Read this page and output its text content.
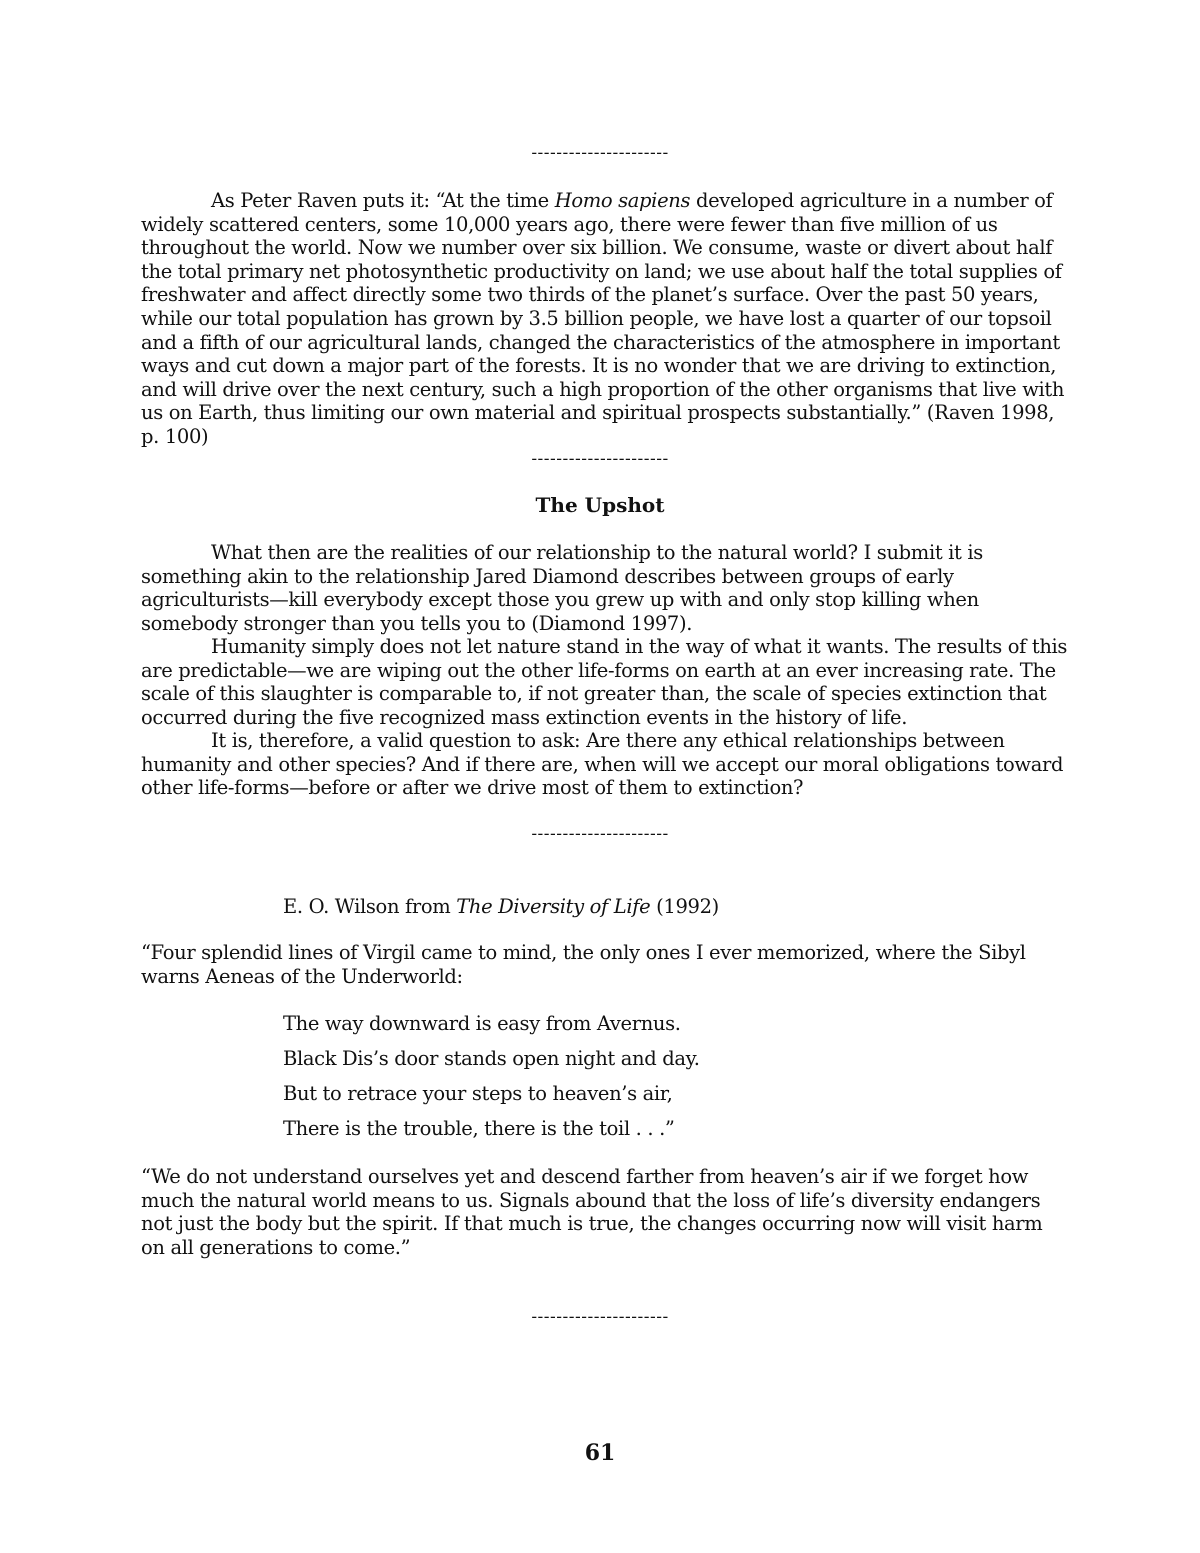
----------------------

As Peter Raven puts it: “At the time Homo sapiens developed agriculture in a number of widely scattered centers, some 10,000 years ago, there were fewer than five million of us throughout the world. Now we number over six billion. We consume, waste or divert about half the total primary net photosynthetic productivity on land; we use about half the total supplies of freshwater and affect directly some two thirds of the planet’s surface. Over the past 50 years, while our total population has grown by 3.5 billion people, we have lost a quarter of our topsoil and a fifth of our agricultural lands, changed the characteristics of the atmosphere in important ways and cut down a major part of the forests. It is no wonder that we are driving to extinction, and will drive over the next century, such a high proportion of the other organisms that live with us on Earth, thus limiting our own material and spiritual prospects substantially.” (Raven 1998, p. 100)

----------------------
The Upshot

What then are the realities of our relationship to the natural world? I submit it is something akin to the relationship Jared Diamond describes between groups of early agriculturists—kill everybody except those you grew up with and only stop killing when somebody stronger than you tells you to (Diamond 1997).

Humanity simply does not let nature stand in the way of what it wants. The results of this are predictable—we are wiping out the other life-forms on earth at an ever increasing rate. The scale of this slaughter is comparable to, if not greater than, the scale of species extinction that occurred during the five recognized mass extinction events in the history of life.

It is, therefore, a valid question to ask: Are there any ethical relationships between humanity and other species? And if there are, when will we accept our moral obligations toward other life-forms—before or after we drive most of them to extinction?

----------------------
E. O. Wilson from The Diversity of Life (1992)

“Four splendid lines of Virgil came to mind, the only ones I ever memorized, where the Sibyl warns Aeneas of the Underworld:

The way downward is easy from Avernus.
Black Dis’s door stands open night and day.
But to retrace your steps to heaven’s air,
There is the trouble, there is the toil . . .”

“We do not understand ourselves yet and descend farther from heaven’s air if we forget how much the natural world means to us. Signals abound that the loss of life’s diversity endangers not just the body but the spirit. If that much is true, the changes occurring now will visit harm on all generations to come.”

----------------------
61
